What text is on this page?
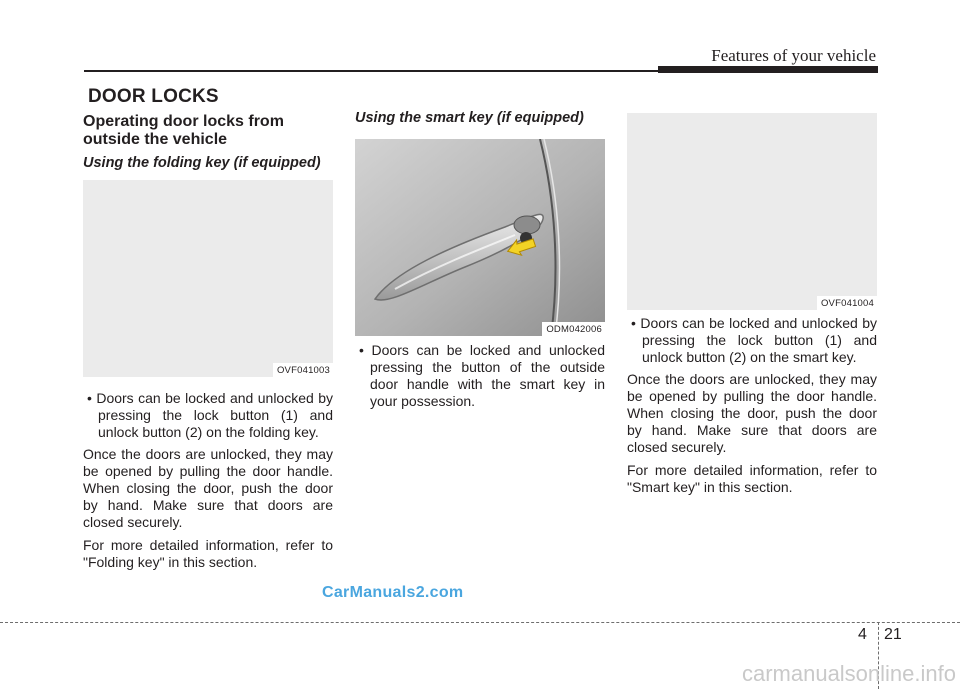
Features of your vehicle
DOOR LOCKS
Operating door locks from outside the vehicle
Using the folding key (if equipped)
OVF041003

• Doors can be locked and unlocked by pressing the lock button (1) and unlock button (2) on the folding key.

Once the doors are unlocked, they may be opened by pulling the door handle. When closing the door, push the door by hand. Make sure that doors are closed securely.

For more detailed information, refer to "Folding key" in this section.

Using the smart key (if equipped)
ODM042006

• Doors can be locked and unlocked pressing the button of the outside door handle with the smart key in your possession.

OVF041004

• Doors can be locked and unlocked by pressing the lock button (1) and unlock button (2) on the smart key.

Once the doors are unlocked, they may be opened by pulling the door handle. When closing the door, push the door by hand. Make sure that doors are closed securely.

For more detailed information, refer to "Smart key" in this section.

CarManuals2.com
4 21
carmanualsonline.info
